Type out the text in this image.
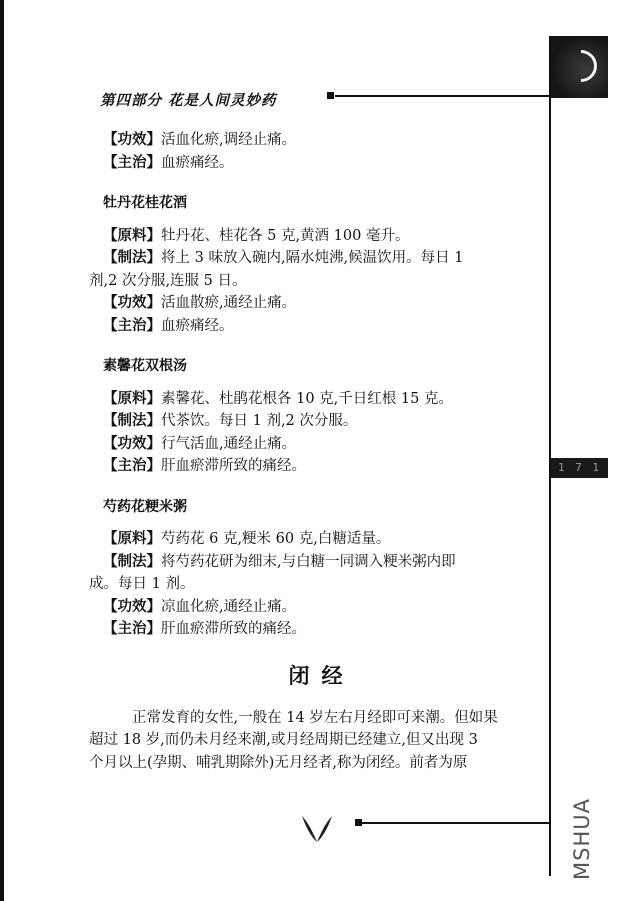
1 7 1
第四部分 花是人间灵妙药
【功效】活血化瘀,调经止痛。
【主治】血瘀痛经。
牡丹花桂花酒
【原料】牡丹花、桂花各 5 克,黄酒 100 毫升。
【制法】将上 3 味放入碗内,隔水炖沸,候温饮用。每日 1
剂,2 次分服,连服 5 日。
【功效】活血散瘀,通经止痛。
【主治】血瘀痛经。
素馨花双根汤
【原料】素馨花、杜鹃花根各 10 克,千日红根 15 克。
【制法】代茶饮。每日 1 剂,2 次分服。
【功效】行气活血,通经止痛。
【主治】肝血瘀滞所致的痛经。
芍药花粳米粥
【原料】芍药花 6 克,粳米 60 克,白糖适量。
【制法】将芍药花研为细末,与白糖一同调入粳米粥内即
成。每日 1 剂。
【功效】凉血化瘀,通经止痛。
【主治】肝血瘀滞所致的痛经。
闭经
正常发育的女性,一般在 14 岁左右月经即可来潮。但如果
超过 18 岁,而仍未月经来潮,或月经周期已经建立,但又出现 3
个月以上(孕期、哺乳期除外)无月经者,称为闭经。前者为原
MSHUA
